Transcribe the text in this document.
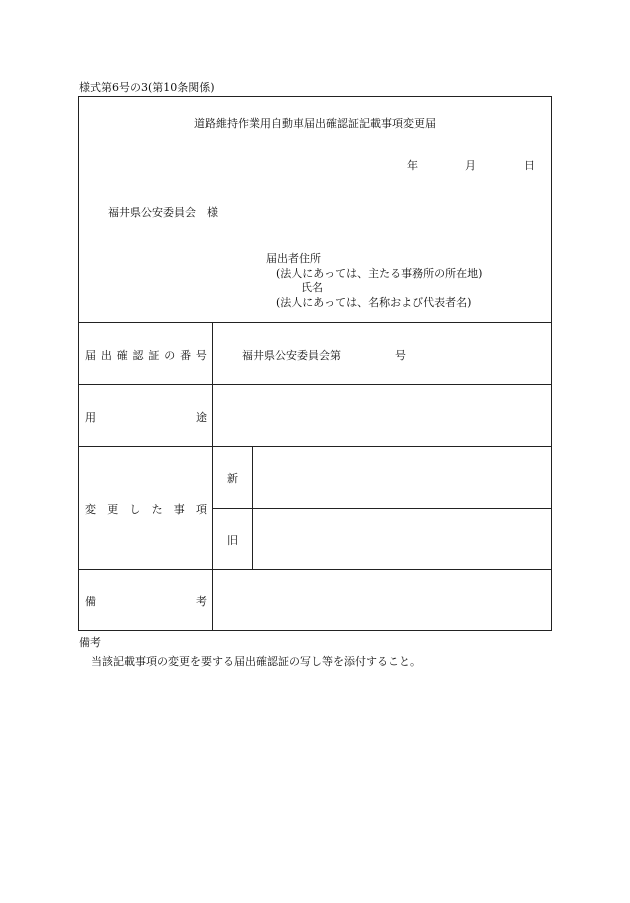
様式第6号の3(第10条関係)
道路維持作業用自動車届出確認証記載事項変更届
年	月	日
福井県公安委員会　様
届出者住所
(法人にあっては、主たる事務所の所在地)
氏名
(法人にあっては、名称および代表者名)
届 出 確 認 証 の 番 号	福井県公安委員会第	号
用	途
変 更 し た 事 項
新
旧
備	考
備考
当該記載事項の変更を要する届出確認証の写し等を添付すること。
